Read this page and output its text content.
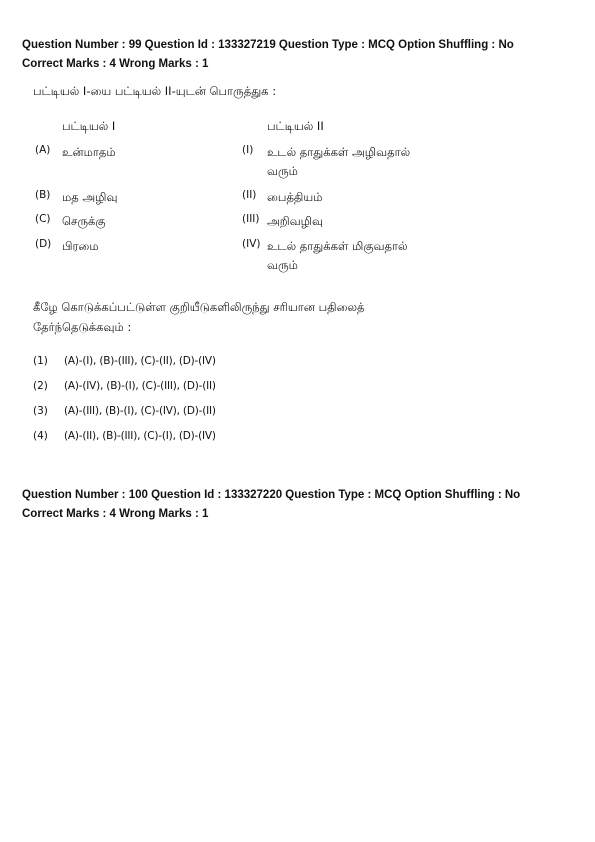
Question Number : 99 Question Id : 133327219 Question Type : MCQ Option Shuffling : No
Correct Marks : 4 Wrong Marks : 1
பட்டியல் I-யை பட்டியல் II-யுடன் பொருத்துக :
பட்டியல் I	பட்டியல் II
(A) உன்மாதம்
(B) மத அழிவு
(C) செருக்கு
(D) பிரமை
(I) உடல் தாதுக்கள் அழிவதால்
வரும்
(II) பைத்தியம்
(III) அறிவழிவு
(IV) உடல் தாதுக்கள் மிகுவதால்
வரும்
கீழே கொடுக்கப்பட்டுள்ள குறியீடுகளிலிருந்து சரியான பதிலைத்
தேர்ந்தெடுக்கவும் :
(1) (A)-(I), (B)-(III), (C)-(II), (D)-(IV)
(2) (A)-(IV), (B)-(I), (C)-(III), (D)-(II)
(3) (A)-(III), (B)-(I), (C)-(IV), (D)-(II)
(4) (A)-(II), (B)-(III), (C)-(I), (D)-(IV)
Question Number : 100 Question Id : 133327220 Question Type : MCQ Option Shuffling : No
Correct Marks : 4 Wrong Marks : 1
